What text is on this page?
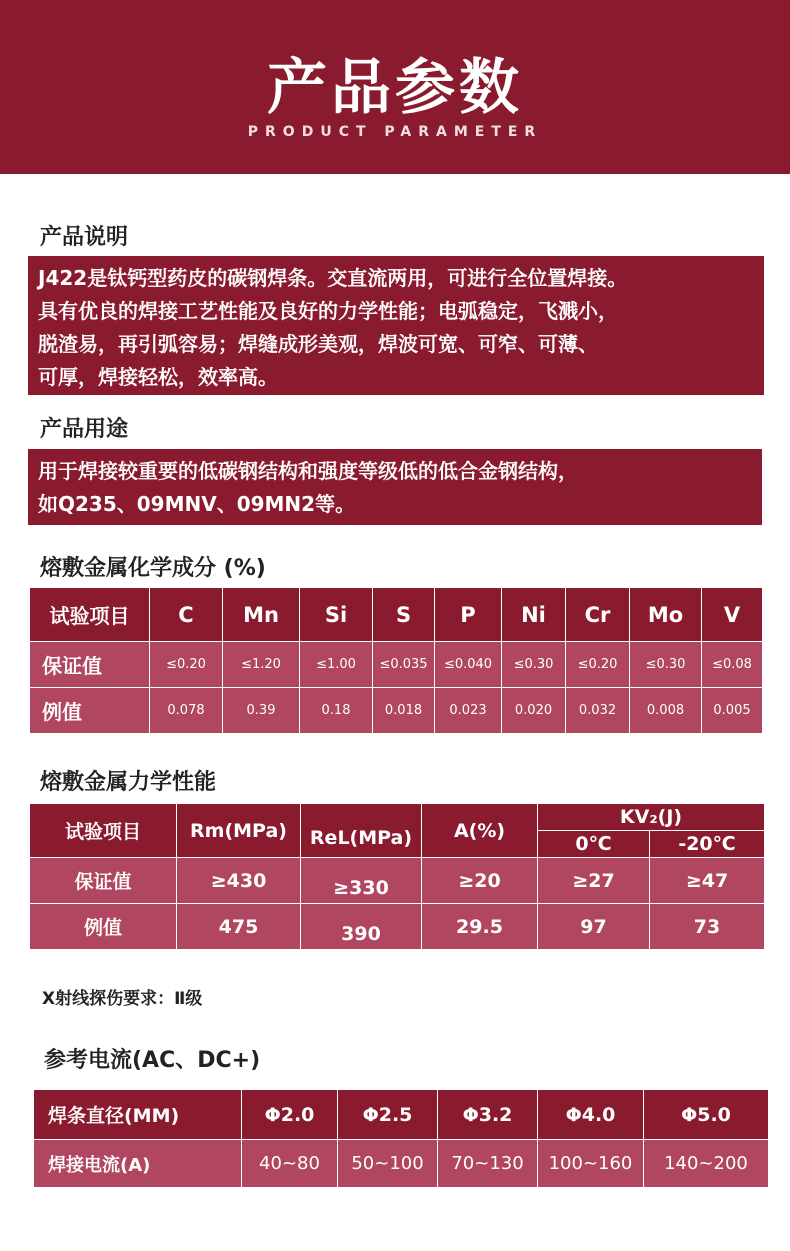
产品参数
PRODUCT PARAMETER
产品说明
J422是钛钙型药皮的碳钢焊条。交直流两用，可进行全位置焊接。
具有优良的焊接工艺性能及良好的力学性能；电弧稳定，飞溅小，
脱渣易，再引弧容易；焊缝成形美观，焊波可宽、可窄、可薄、
可厚，焊接轻松，效率高。
产品用途
用于焊接较重要的低碳钢结构和强度等级低的低合金钢结构，
如Q235、09MNV、09MN2等。
熔敷金属化学成分 (%)
试验项目	C	Mn	Si	S	P	Ni	Cr	Mo	V
保证值	≤0.20	≤1.20	≤1.00	≤0.035	≤0.040	≤0.30	≤0.20	≤0.30	≤0.08
例值	0.078	0.39	0.18	0.018	0.023	0.020	0.032	0.008	0.005
熔敷金属力学性能
试验项目	Rm(MPa)	ReL(MPa)	A(%)	KV₂(J)	
				0℃	-20℃
保证值	≥430	≥330	≥20	≥27	≥47
例值	475	390	29.5	97	73
X射线探伤要求：Ⅱ级
参考电流(AC、DC+)
焊条直径(MM)	Φ2.0	Φ2.5	Φ3.2	Φ4.0	Φ5.0
焊接电流(A)	40~80	50~100	70~130	100~160	140~200
